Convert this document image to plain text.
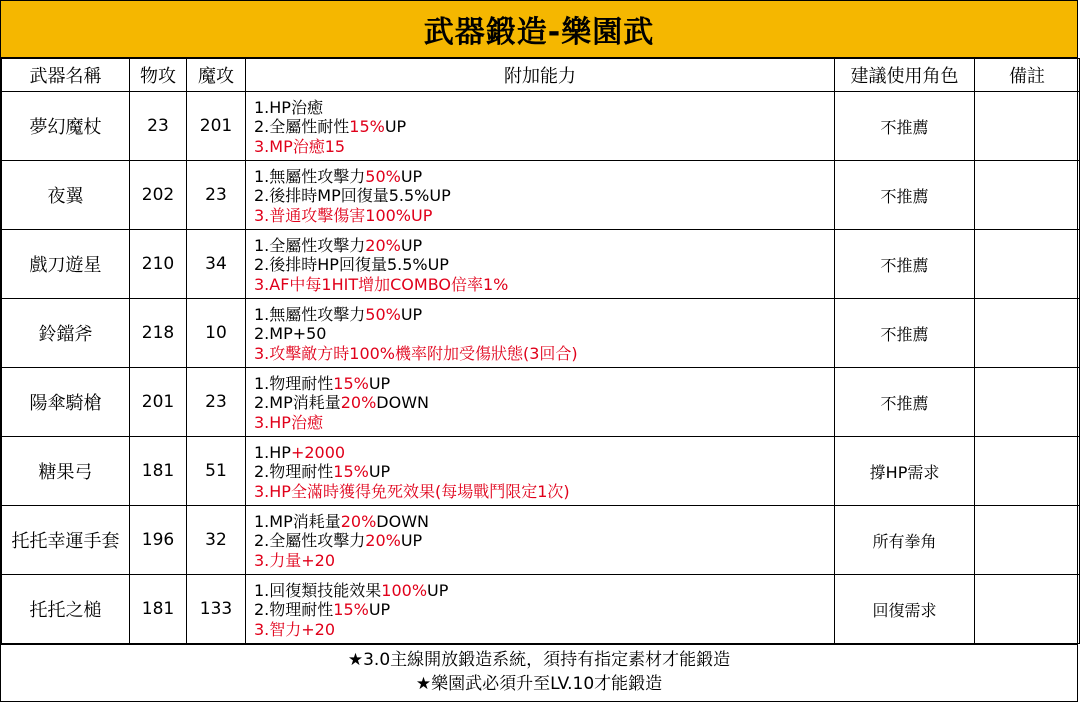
武器鍛造-樂園武
武器名稱	物攻	魔攻	附加能力	建議使用角色	備註
夢幻魔杖	23	201	1.HP治癒
2.全屬性耐性15%UP
3.MP治癒15	不推薦	
夜翼	202	23	1.無屬性攻擊力50%UP
2.後排時MP回復量5.5%UP
3.普通攻擊傷害100%UP	不推薦	
戲刀遊星	210	34	1.全屬性攻擊力20%UP
2.後排時HP回復量5.5%UP
3.AF中每1HIT增加COMBO倍率1%	不推薦	
鈴鐺斧	218	10	1.無屬性攻擊力50%UP
2.MP+50
3.攻擊敵方時100%機率附加受傷狀態(3回合)	不推薦	
陽傘騎槍	201	23	1.物理耐性15%UP
2.MP消耗量20%DOWN
3.HP治癒	不推薦	
糖果弓	181	51	1.HP+2000
2.物理耐性15%UP
3.HP全滿時獲得免死效果(每場戰鬥限定1次)	撐HP需求	
托托幸運手套	196	32	1.MP消耗量20%DOWN
2.全屬性攻擊力20%UP
3.力量+20	所有拳角	
托托之槌	181	133	1.回復類技能效果100%UP
2.物理耐性15%UP
3.智力+20	回復需求	
★3.0主線開放鍛造系統，須持有指定素材才能鍛造
★樂園武必須升至LV.10才能鍛造
